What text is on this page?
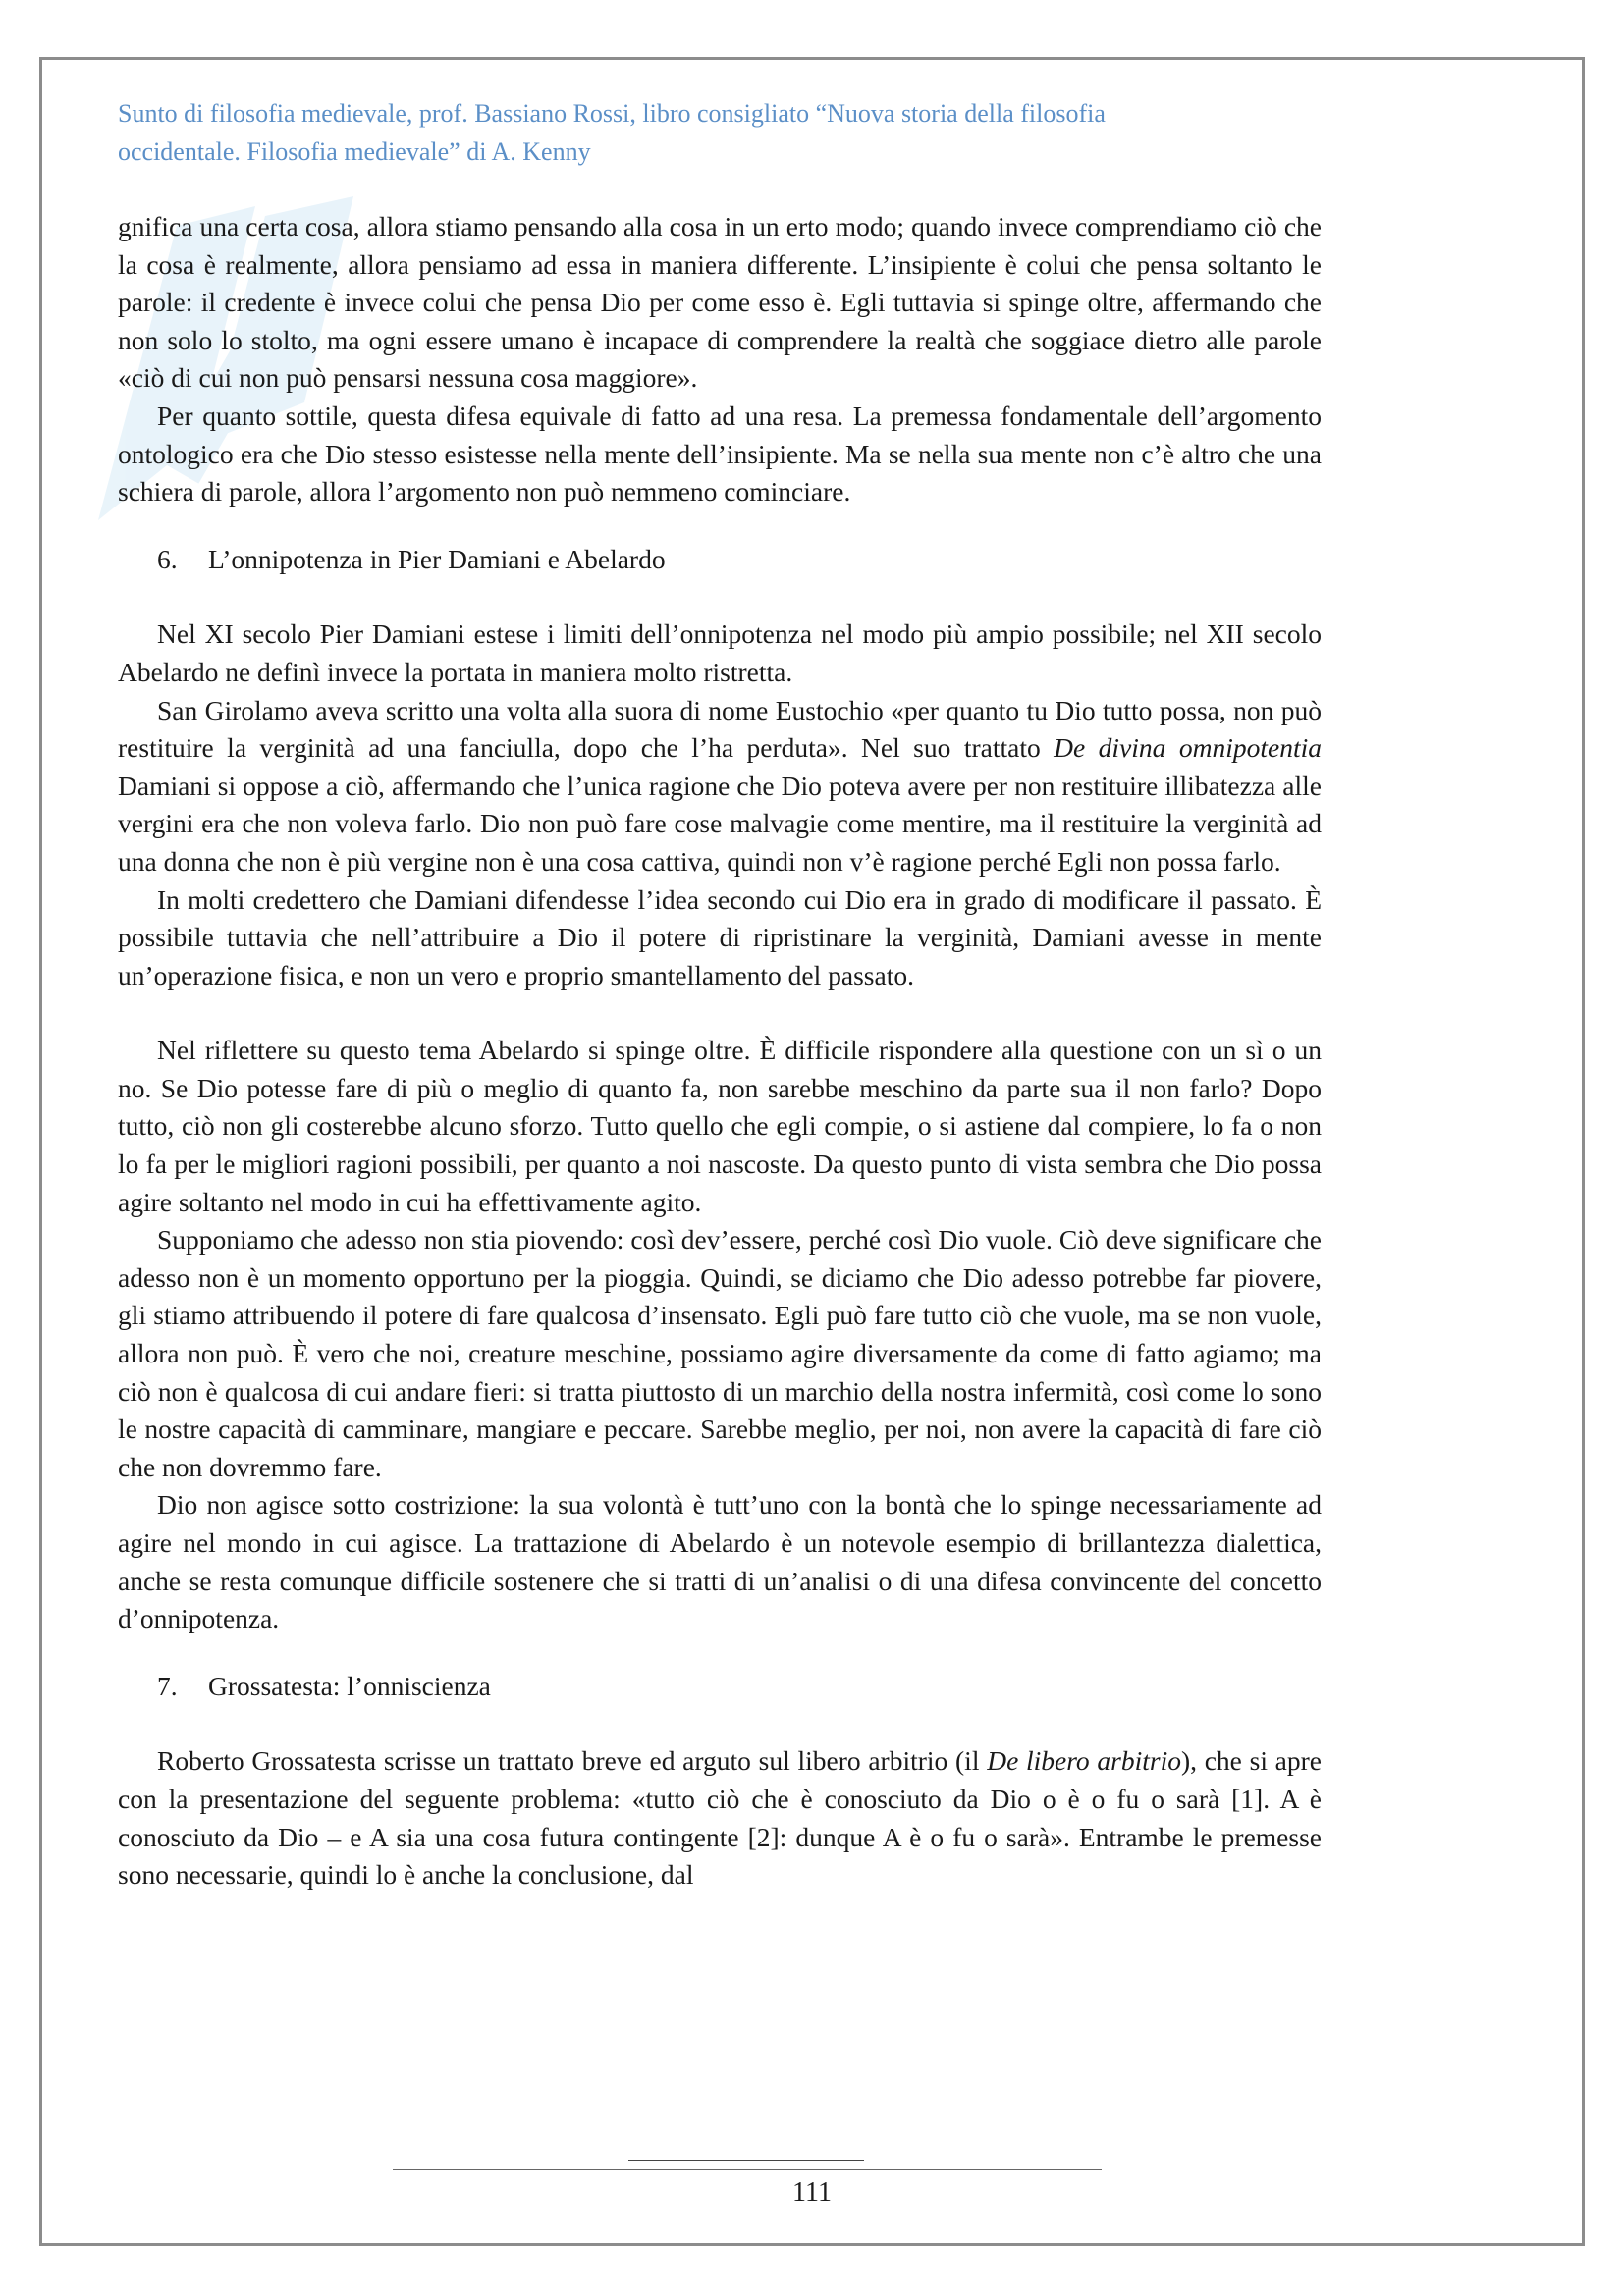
Sunto di filosofia medievale, prof. Bassiano Rossi, libro consigliato “Nuova storia della filosofia
occidentale. Filosofia medievale” di A. Kenny

gnifica una certa cosa, allora stiamo pensando alla cosa in un erto modo; quando invece comprendiamo ciò che la cosa è realmente, allora pensiamo ad essa in maniera differente. L’insipiente è colui che pensa soltanto le parole: il credente è invece colui che pensa Dio per come esso è. Egli tuttavia si spinge oltre, affermando che non solo lo stolto, ma ogni essere umano è incapace di comprendere la realtà che soggiace dietro alle parole «ciò di cui non può pensarsi nessuna cosa maggiore».

Per quanto sottile, questa difesa equivale di fatto ad una resa. La premessa fondamentale dell’argomento ontologico era che Dio stesso esistesse nella mente dell’insipiente. Ma se nella sua mente non c’è altro che una schiera di parole, allora l’argomento non può nemmeno cominciare.

6. L’onnipotenza in Pier Damiani e Abelardo

Nel XI secolo Pier Damiani estese i limiti dell’onnipotenza nel modo più ampio possibile; nel XII secolo Abelardo ne definì invece la portata in maniera molto ristretta.

San Girolamo aveva scritto una volta alla suora di nome Eustochio «per quanto tu Dio tutto possa, non può restituire la verginità ad una fanciulla, dopo che l’ha perduta». Nel suo trattato De divina omnipotentia Damiani si oppose a ciò, affermando che l’unica ragione che Dio poteva avere per non restituire illibatezza alle vergini era che non voleva farlo. Dio non può fare cose malvagie come mentire, ma il restituire la verginità ad una donna che non è più vergine non è una cosa cattiva, quindi non v’è ragione perché Egli non possa farlo.

In molti credettero che Damiani difendesse l’idea secondo cui Dio era in grado di modificare il passato. È possibile tuttavia che nell’attribuire a Dio il potere di ripristinare la verginità, Damiani avesse in mente un’operazione fisica, e non un vero e proprio smantellamento del passato.

Nel riflettere su questo tema Abelardo si spinge oltre. È difficile rispondere alla questione con un sì o un no. Se Dio potesse fare di più o meglio di quanto fa, non sarebbe meschino da parte sua il non farlo? Dopo tutto, ciò non gli costerebbe alcuno sforzo. Tutto quello che egli compie, o si astiene dal compiere, lo fa o non lo fa per le migliori ragioni possibili, per quanto a noi nascoste. Da questo punto di vista sembra che Dio possa agire soltanto nel modo in cui ha effettivamente agito.

Supponiamo che adesso non stia piovendo: così dev’essere, perché così Dio vuole. Ciò deve significare che adesso non è un momento opportuno per la pioggia. Quindi, se diciamo che Dio adesso potrebbe far piovere, gli stiamo attribuendo il potere di fare qualcosa d’insensato. Egli può fare tutto ciò che vuole, ma se non vuole, allora non può. È vero che noi, creature meschine, possiamo agire diversamente da come di fatto agiamo; ma ciò non è qualcosa di cui andare fieri: si tratta piuttosto di un marchio della nostra infermità, così come lo sono le nostre capacità di camminare, mangiare e peccare. Sarebbe meglio, per noi, non avere la capacità di fare ciò che non dovremmo fare.

Dio non agisce sotto costrizione: la sua volontà è tutt’uno con la bontà che lo spinge necessariamente ad agire nel mondo in cui agisce. La trattazione di Abelardo è un notevole esempio di brillantezza dialettica, anche se resta comunque difficile sostenere che si tratti di un’analisi o di una difesa convincente del concetto d’onnipotenza.

7. Grossatesta: l’onniscienza

Roberto Grossatesta scrisse un trattato breve ed arguto sul libero arbitrio (il De libero arbitrio), che si apre con la presentazione del seguente problema: «tutto ciò che è conosciuto da Dio o è o fu o sarà [1]. A è conosciuto da Dio – e A sia una cosa futura contingente [2]: dunque A è o fu o sarà». Entrambe le premesse sono necessarie, quindi lo è anche la conclusione, dal

111
